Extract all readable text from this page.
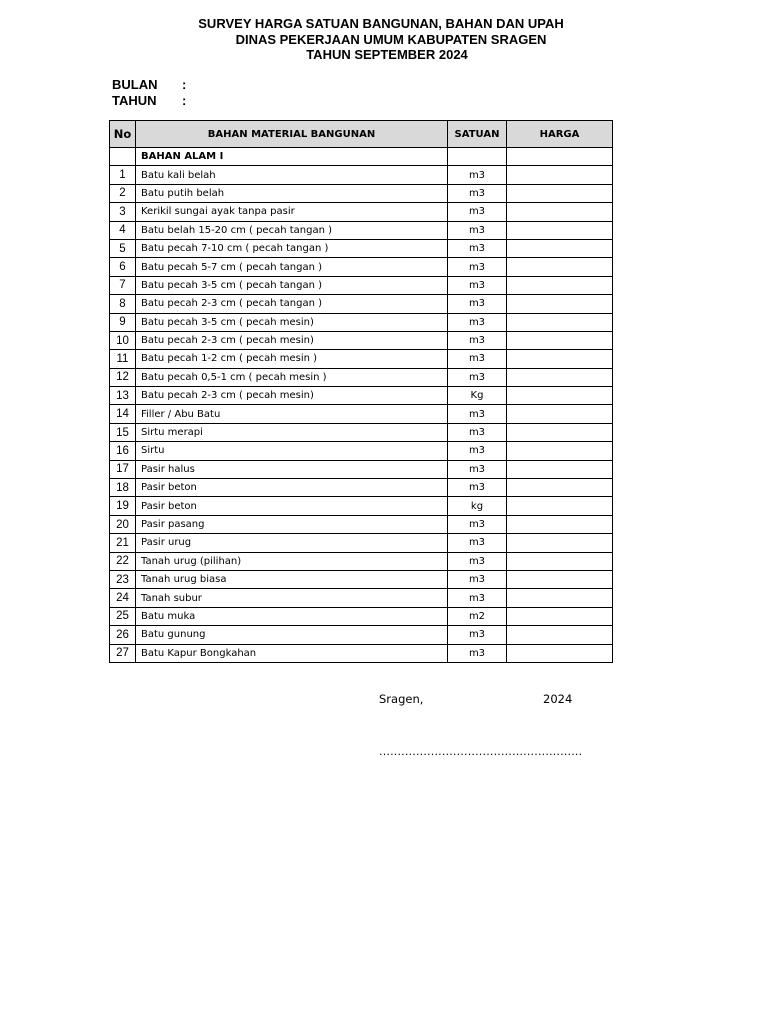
SURVEY HARGA SATUAN BANGUNAN, BAHAN DAN UPAH
DINAS PEKERJAAN UMUM KABUPATEN SRAGEN
TAHUN SEPTEMBER 2024
BULAN :
TAHUN :
No	BAHAN MATERIAL BANGUNAN	SATUAN	HARGA
	BAHAN ALAM I		
1	Batu kali belah	m3	
2	Batu putih belah	m3	
3	Kerikil sungai ayak tanpa pasir	m3	
4	Batu belah 15-20 cm ( pecah tangan )	m3	
5	Batu pecah 7-10 cm ( pecah tangan )	m3	
6	Batu pecah 5-7 cm ( pecah tangan )	m3	
7	Batu pecah 3-5 cm ( pecah tangan )	m3	
8	Batu pecah 2-3 cm ( pecah tangan )	m3	
9	Batu pecah 3-5 cm ( pecah mesin)	m3	
10	Batu pecah 2-3 cm ( pecah mesin)	m3	
11	Batu pecah 1-2 cm ( pecah mesin )	m3	
12	Batu pecah 0,5-1 cm ( pecah mesin )	m3	
13	Batu pecah 2-3 cm ( pecah mesin)	Kg	
14	Filler / Abu Batu	m3	
15	Sirtu merapi	m3	
16	Sirtu	m3	
17	Pasir halus	m3	
18	Pasir beton	m3	
19	Pasir beton	kg	
20	Pasir pasang	m3	
21	Pasir urug	m3	
22	Tanah urug (pilihan)	m3	
23	Tanah urug biasa	m3	
24	Tanah subur	m3	
25	Batu muka	m2	
26	Batu gunung	m3	
27	Batu Kapur Bongkahan	m3	
Sragen,	2024
.......................................................
